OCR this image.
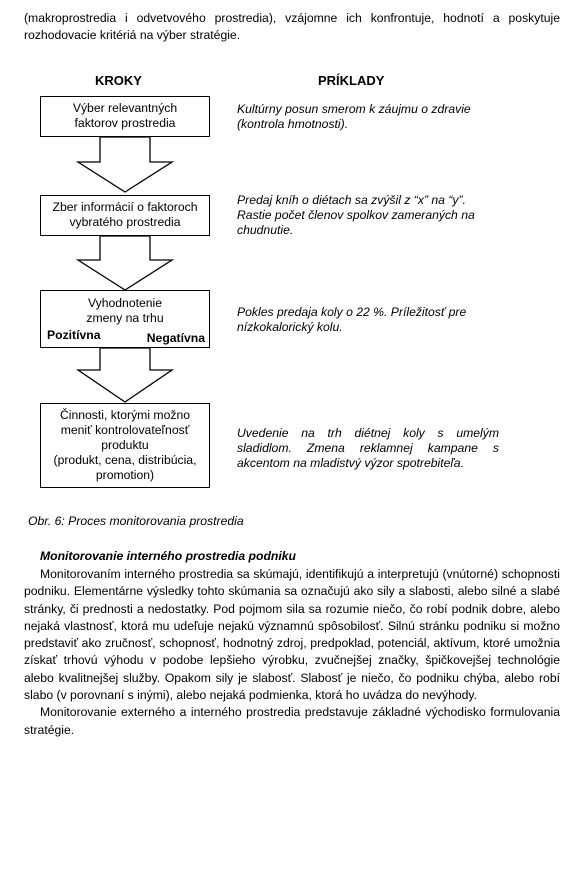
(makroprostredia i odvetvového prostredia), vzájomne ich konfrontuje, hodnotí a poskytuje rozhodovacie kritériá na výber stratégie.

KROKY	PRÍKLADY
Výber relevantných
faktorov prostredia
Zber informácií o faktoroch
vybratého prostredia
Vyhodnotenie
zmeny na trhu
Pozitívna	Negatívna
Činnosti, ktorými možno
meniť kontrolovateľnosť
produktu
(produkt, cena, distribúcia,
promotion)

Kultúrny posun smerom k záujmu o zdravie (kontrola hmotnosti).

Predaj kníh o diétach sa zvýšil z “x” na “y”. Rastie počet členov spolkov zameraných na chudnutie.

Pokles predaja koly o 22 %. Príležitosť pre nízkokalorický kolu.

Uvedenie na trh diétnej koly s umelým sladidlom. Zmena reklamnej kampane s akcentom na mladistvý výzor spotrebiteľa.

Obr. 6: Proces monitorovania prostredia

Monitorovanie interného prostredia podniku

Monitorovaním interného prostredia sa skúmajú, identifikujú a interpretujú (vnútorné) schopnosti podniku. Elementárne výsledky tohto skúmania sa označujú ako sily a slabosti, alebo silné a slabé stránky, či prednosti a nedostatky. Pod pojmom sila sa rozumie niečo, čo robí podnik dobre, alebo nejaká vlastnosť, ktorá mu udeľuje nejakú významnú spôsobilosť. Silnú stránku podniku si možno predstaviť ako zručnosť, schopnosť, hodnotný zdroj, predpoklad, potenciál, aktívum, ktoré umožnia získať trhovú výhodu v podobe lepšieho výrobku, zvučnejšej značky, špičkovejšej technológie alebo kvalitnejšej služby. Opakom sily je slabosť. Slabosť je niečo, čo podniku chýba, alebo robí slabo (v porovnaní s inými), alebo nejaká podmienka, ktorá ho uvádza do nevýhody.

Monitorovanie externého a interného prostredia predstavuje základné východisko formulovania stratégie.
